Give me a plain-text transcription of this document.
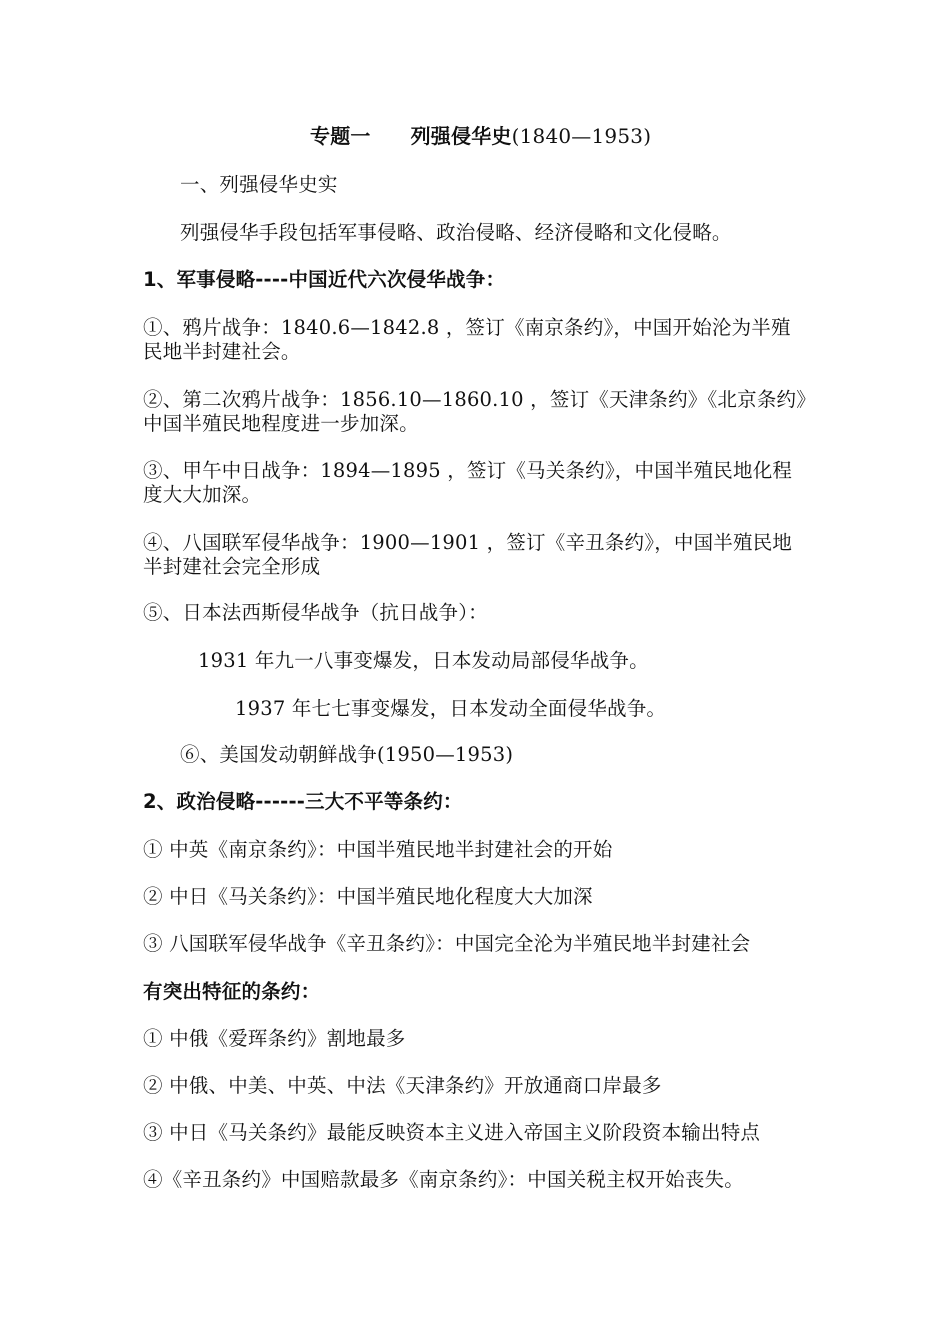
专题一 列强侵华史(1840—1953)
一、列强侵华史实
列强侵华手段包括军事侵略、政治侵略、经济侵略和文化侵略。
1、军事侵略----中国近代六次侵华战争：
①、鸦片战争：1840.6—1842.8 ，签订《南京条约》，中国开始沦为半殖
民地半封建社会。
②、第二次鸦片战争：1856.10—1860.10 ，签订《天津条约》《北京条约》
中国半殖民地程度进一步加深。
③、甲午中日战争：1894—1895 ，签订《马关条约》，中国半殖民地化程
度大大加深。
④、八国联军侵华战争：1900—1901 ，签订《辛丑条约》，中国半殖民地
半封建社会完全形成
⑤、日本法西斯侵华战争（抗日战争）：
1931 年九一八事变爆发，日本发动局部侵华战争。
1937 年七七事变爆发，日本发动全面侵华战争。
⑥、美国发动朝鲜战争(1950—1953)
2、政治侵略------三大不平等条约：
① 中英《南京条约》：中国半殖民地半封建社会的开始
② 中日《马关条约》：中国半殖民地化程度大大加深
③ 八国联军侵华战争《辛丑条约》：中国完全沦为半殖民地半封建社会
有突出特征的条约：
① 中俄《爱珲条约》割地最多
② 中俄、中美、中英、中法《天津条约》开放通商口岸最多
③ 中日《马关条约》最能反映资本主义进入帝国主义阶段资本输出特点
④《辛丑条约》中国赔款最多《南京条约》：中国关税主权开始丧失。
